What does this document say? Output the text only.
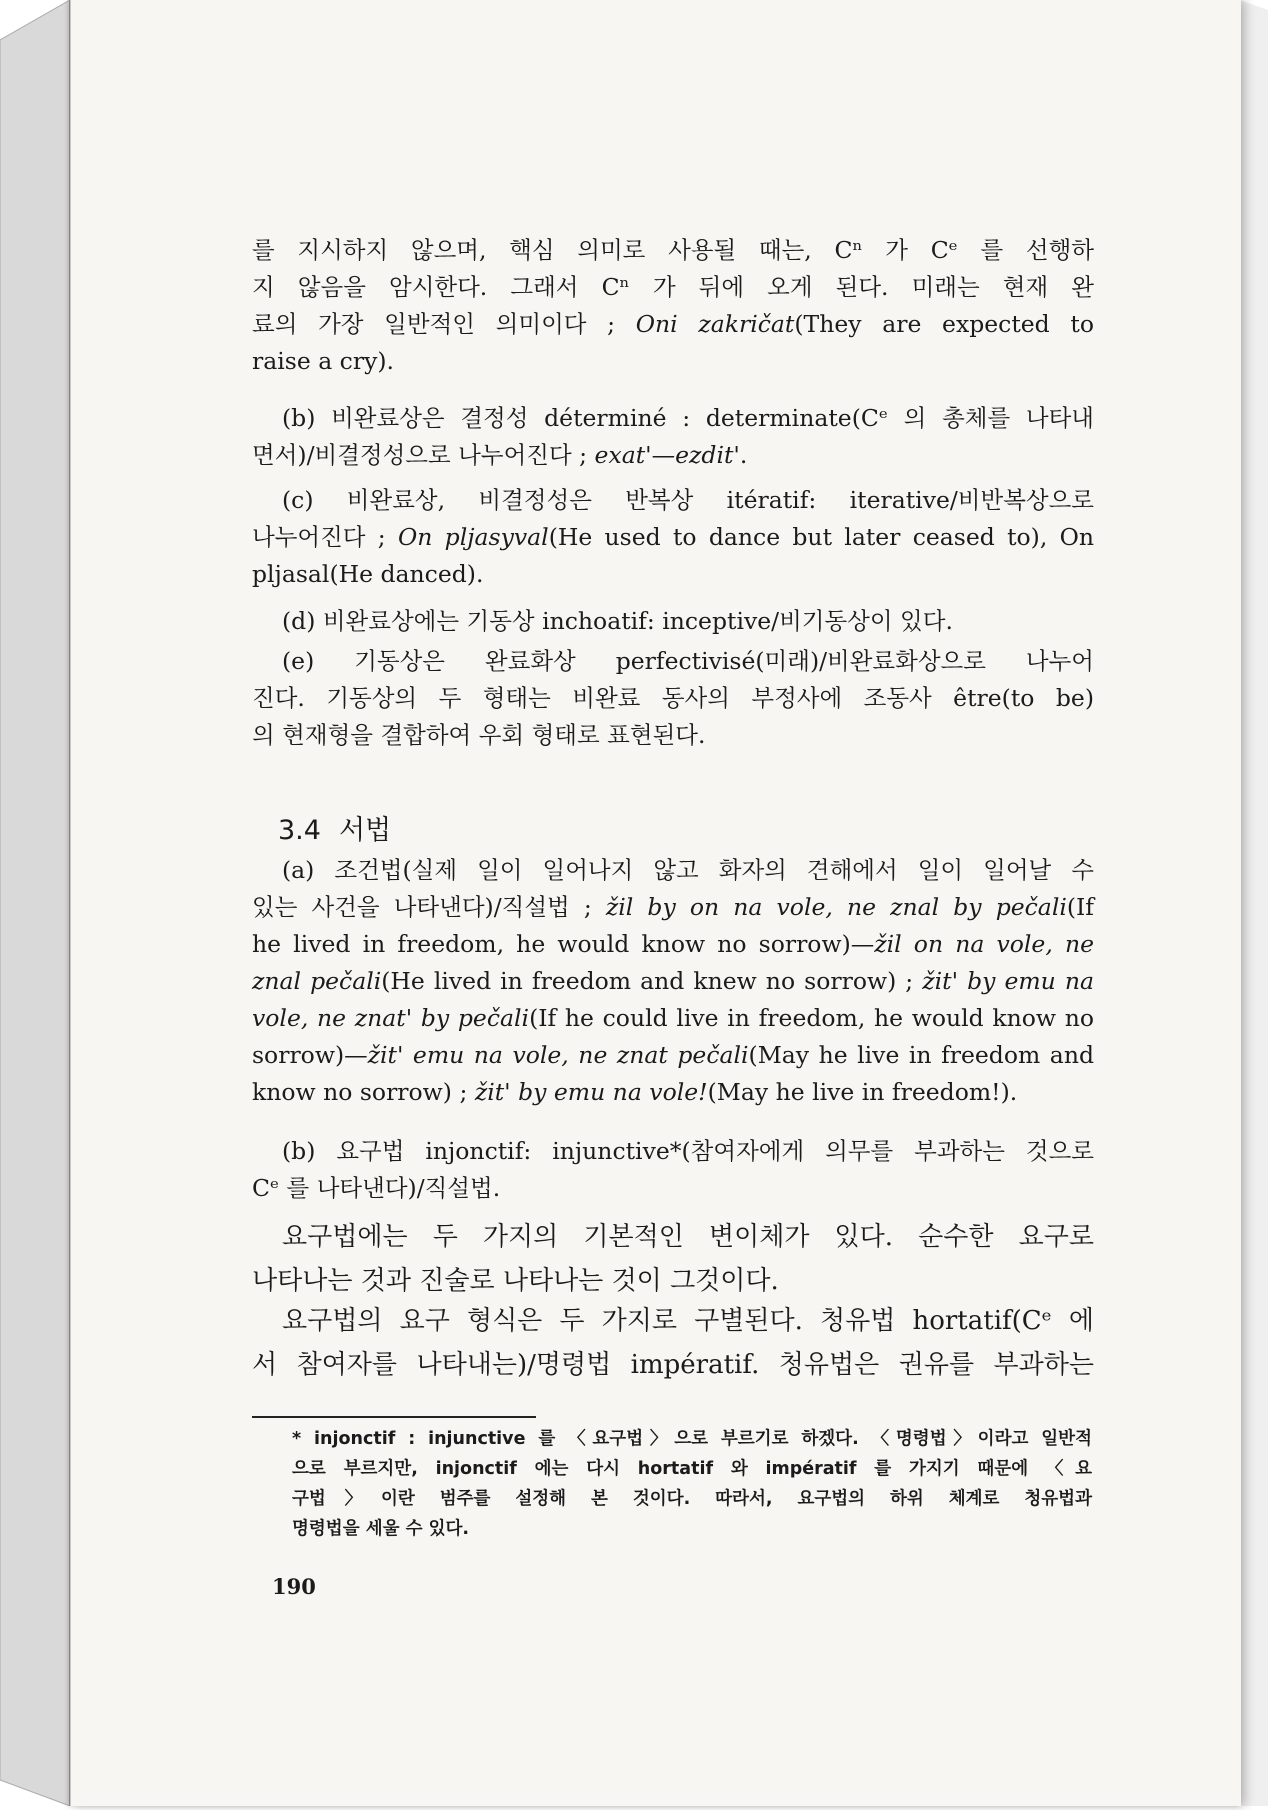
를 지시하지 않으며, 핵심 의미로 사용될 때는, Cⁿ 가 Cᵉ 를 선행하
지 않음을 암시한다. 그래서 Cⁿ 가 뒤에 오게 된다. 미래는 현재 완
료의 가장 일반적인 의미이다 ; Oni zakričat(They are expected to
raise a cry).
(b) 비완료상은 결정성 déterminé : determinate(Cᵉ 의 총체를 나타내
면서)/비결정성으로 나누어진다 ; exat'—ezdit'.
(c) 비완료상, 비결정성은 반복상 itératif: iterative/비반복상으로
나누어진다 ; On pljasyval(He used to dance but later ceased to), On
pljasal(He danced).
(d) 비완료상에는 기동상 inchoatif: inceptive/비기동상이 있다.
(e) 기동상은 완료화상 perfectivisé(미래)/비완료화상으로 나누어
진다. 기동상의 두 형태는 비완료 동사의 부정사에 조동사 être(to be)
의 현재형을 결합하여 우회 형태로 표현된다.

3.4 서법

(a) 조건법(실제 일이 일어나지 않고 화자의 견해에서 일이 일어날 수
있는 사건을 나타낸다)/직설법 ; žil by on na vole, ne znal by pečali(If
he lived in freedom, he would know no sorrow)—žil on na vole, ne
znal pečali(He lived in freedom and knew no sorrow) ; žit' by emu na
vole, ne znat' by pečali(If he could live in freedom, he would know no
sorrow)—žit' emu na vole, ne znat pečali(May he live in freedom and
know no sorrow) ; žit' by emu na vole!(May he live in freedom!).
(b) 요구법 injonctif: injunctive*(참여자에게 의무를 부과하는 것으로
Cᵉ 를 나타낸다)/직설법.
요구법에는 두 가지의 기본적인 변이체가 있다. 순수한 요구로
나타나는 것과 진술로 나타나는 것이 그것이다.
요구법의 요구 형식은 두 가지로 구별된다. 청유법 hortatif(Cᵉ 에
서 참여자를 나타내는)/명령법 impératif. 청유법은 권유를 부과하는
* injonctif : injunctive 를 〈요구법〉으로 부르기로 하겠다. 〈명령법〉이라고 일반적
으로 부르지만, injonctif 에는 다시 hortatif 와 impératif 를 가지기 때문에 〈요
구법〉이란 범주를 설정해 본 것이다. 따라서, 요구법의 하위 체계로 청유법과
명령법을 세울 수 있다.

190
